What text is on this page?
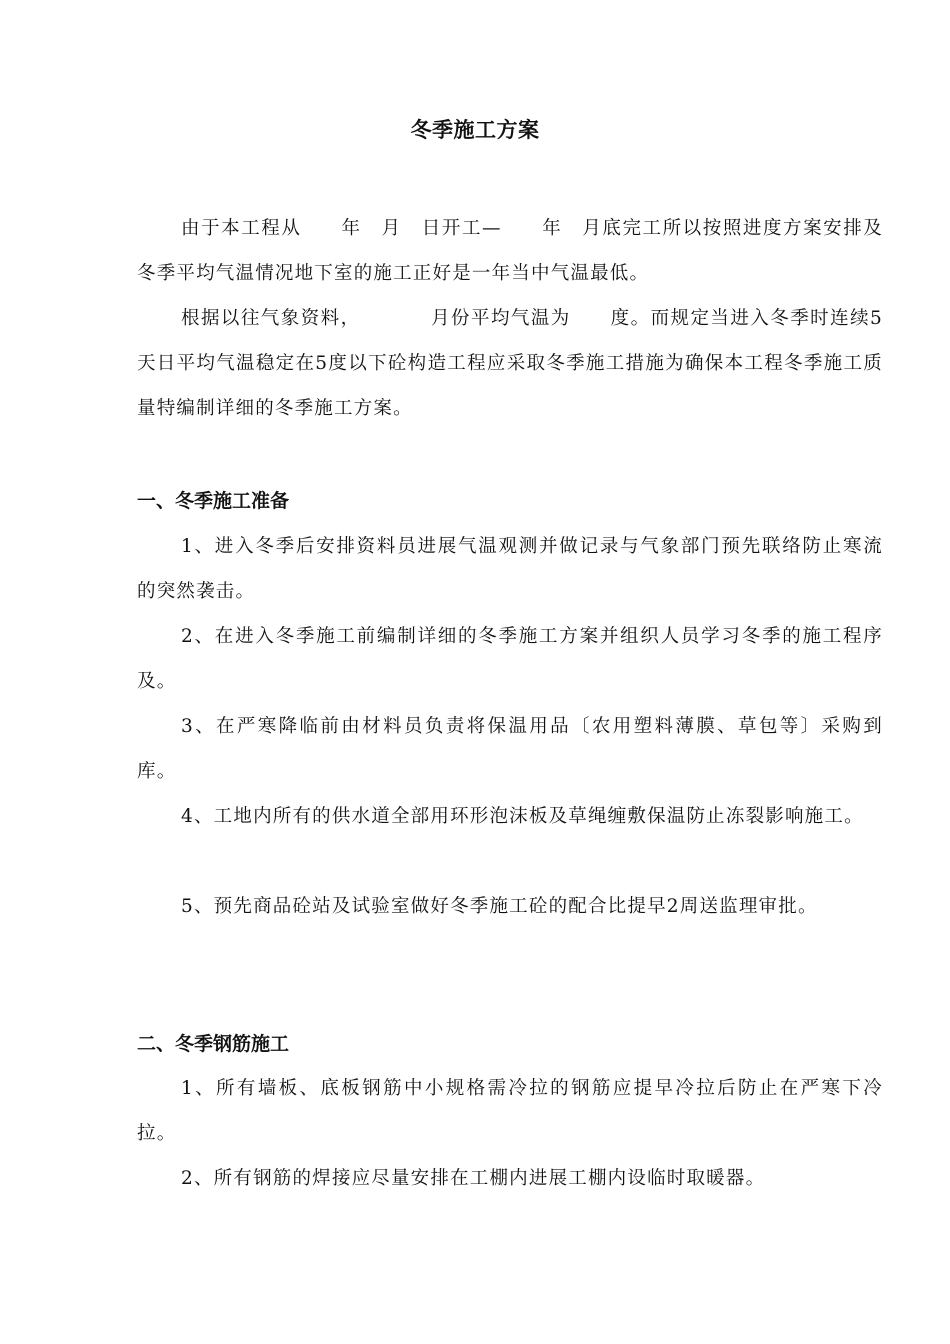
冬季施工方案

由于本工程从　　年　月　日开工—　　年　月底完工所以按照进度方案安排及　　　冬季平均气温情况地下室的施工正好是一年当中气温最低。

根据以往气象资料，　　　　月份平均气温为　　度。而规定当进入冬季时连续5天日平均气温稳定在5度以下砼构造工程应采取冬季施工措施为确保本工程冬季施工质量特编制详细的冬季施工方案。

一、冬季施工准备

1、进入冬季后安排资料员进展气温观测并做记录与气象部门预先联络防止寒流的突然袭击。

2、在进入冬季施工前编制详细的冬季施工方案并组织人员学习冬季的施工程序及。

3、在严寒降临前由材料员负责将保温用品〔农用塑料薄膜、草包等〕采购到库。

4、工地内所有的供水道全部用环形泡沫板及草绳缠敷保温防止冻裂影响施工。

5、预先商品砼站及试验室做好冬季施工砼的配合比提早2周送监理审批。

二、冬季钢筋施工

1、所有墙板、底板钢筋中小规格需冷拉的钢筋应提早冷拉后防止在严寒下冷拉。

2、所有钢筋的焊接应尽量安排在工棚内进展工棚内设临时取暖器。
